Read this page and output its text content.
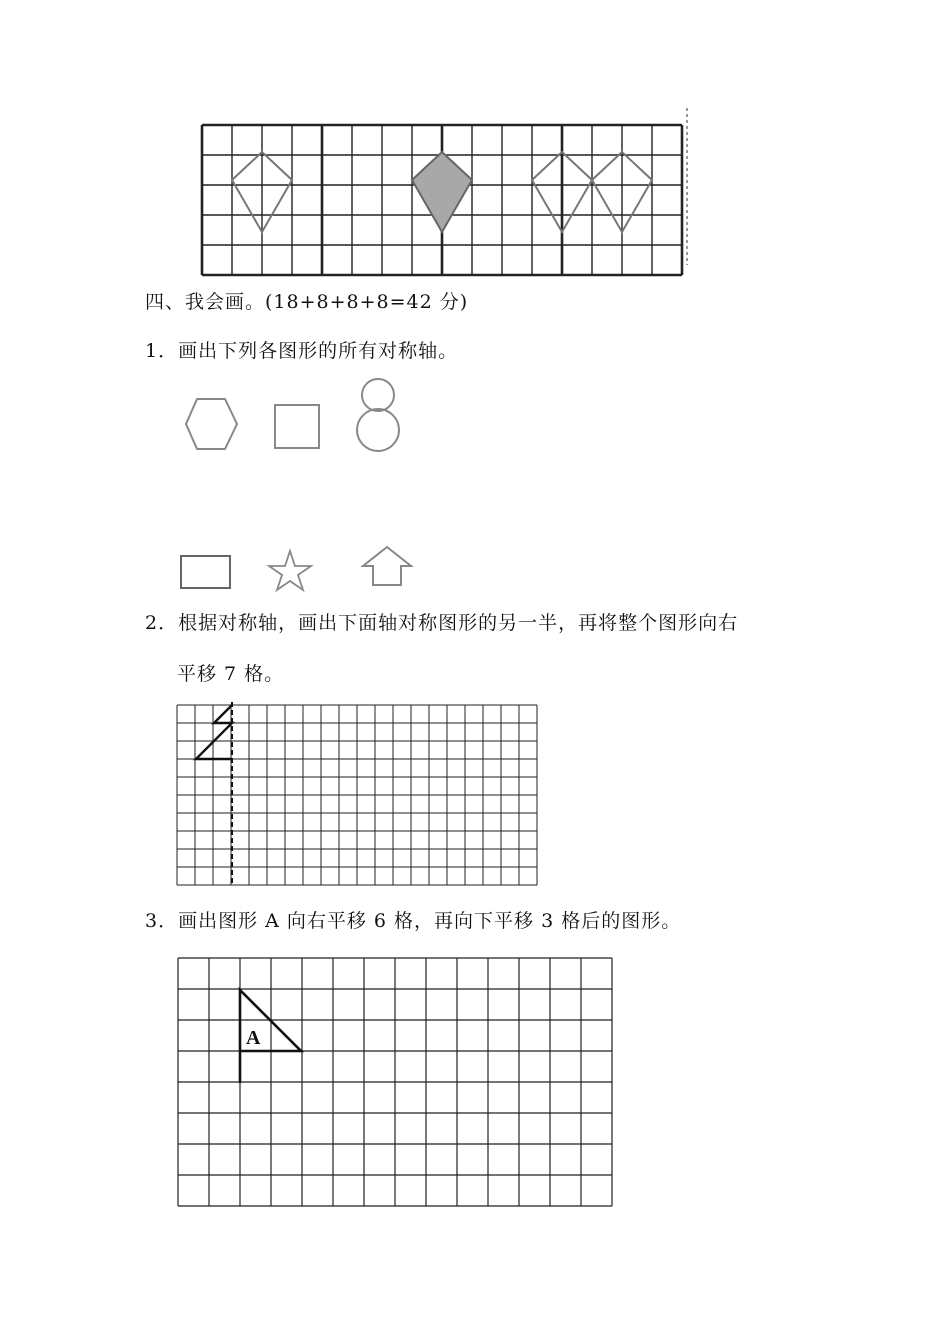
四、我会画。(18+8+8+8=42 分)
1．画出下列各图形的所有对称轴。
2．根据对称轴，画出下面轴对称图形的另一半，再将整个图形向右
平移 7 格。
3．画出图形 A 向右平移 6 格，再向下平移 3 格后的图形。
A
